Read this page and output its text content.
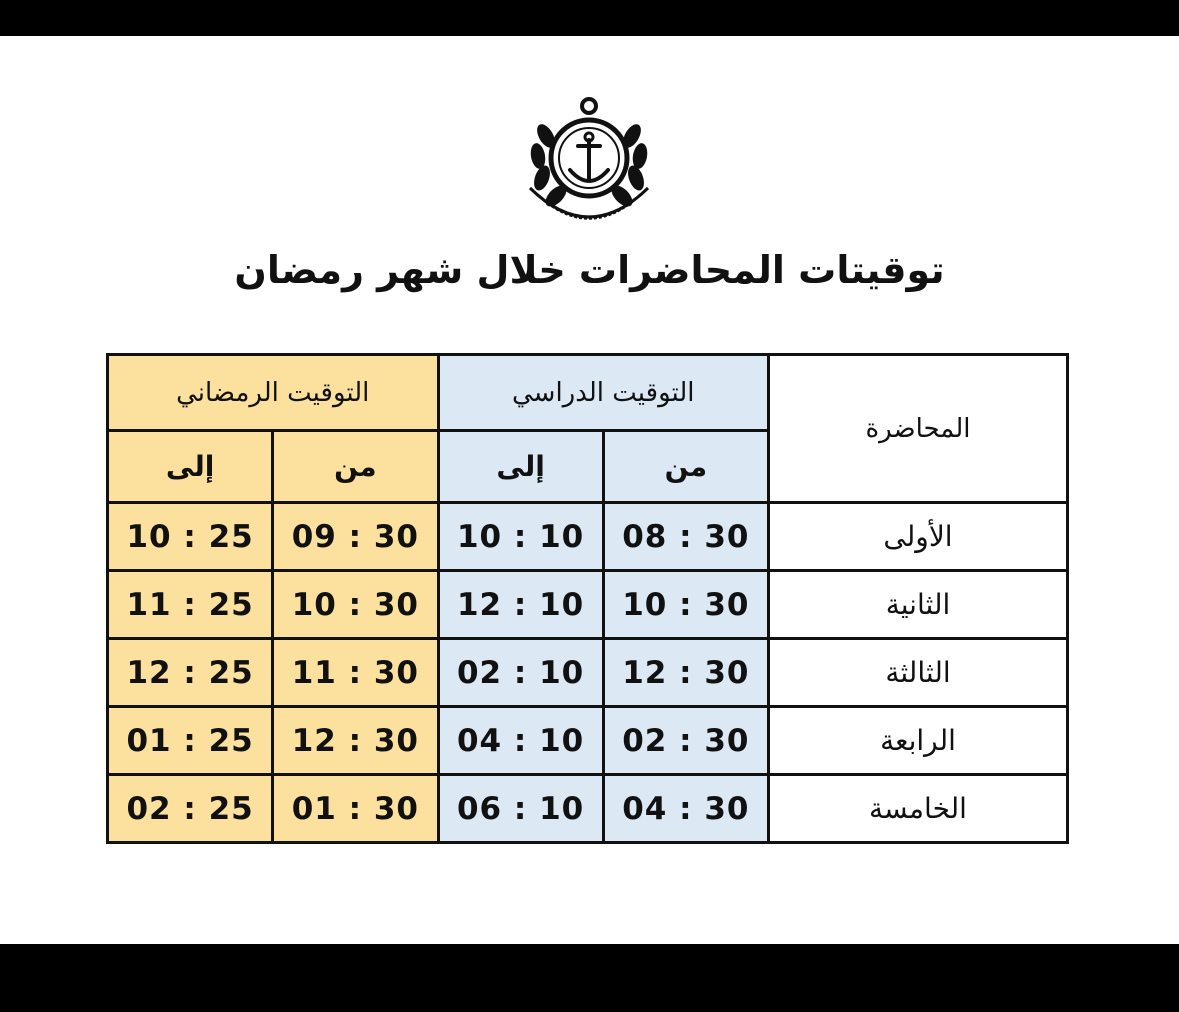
توقيتات المحاضرات خلال شهر رمضان
المحاضرة	التوقيت الدراسي		التوقيت الرمضاني	
	من	إلى	من	إلى
الأولى	08 : 30	10 : 10	09 : 30	10 : 25
الثانية	10 : 30	12 : 10	10 : 30	11 : 25
الثالثة	12 : 30	02 : 10	11 : 30	12 : 25
الرابعة	02 : 30	04 : 10	12 : 30	01 : 25
الخامسة	04 : 30	06 : 10	01 : 30	02 : 25
